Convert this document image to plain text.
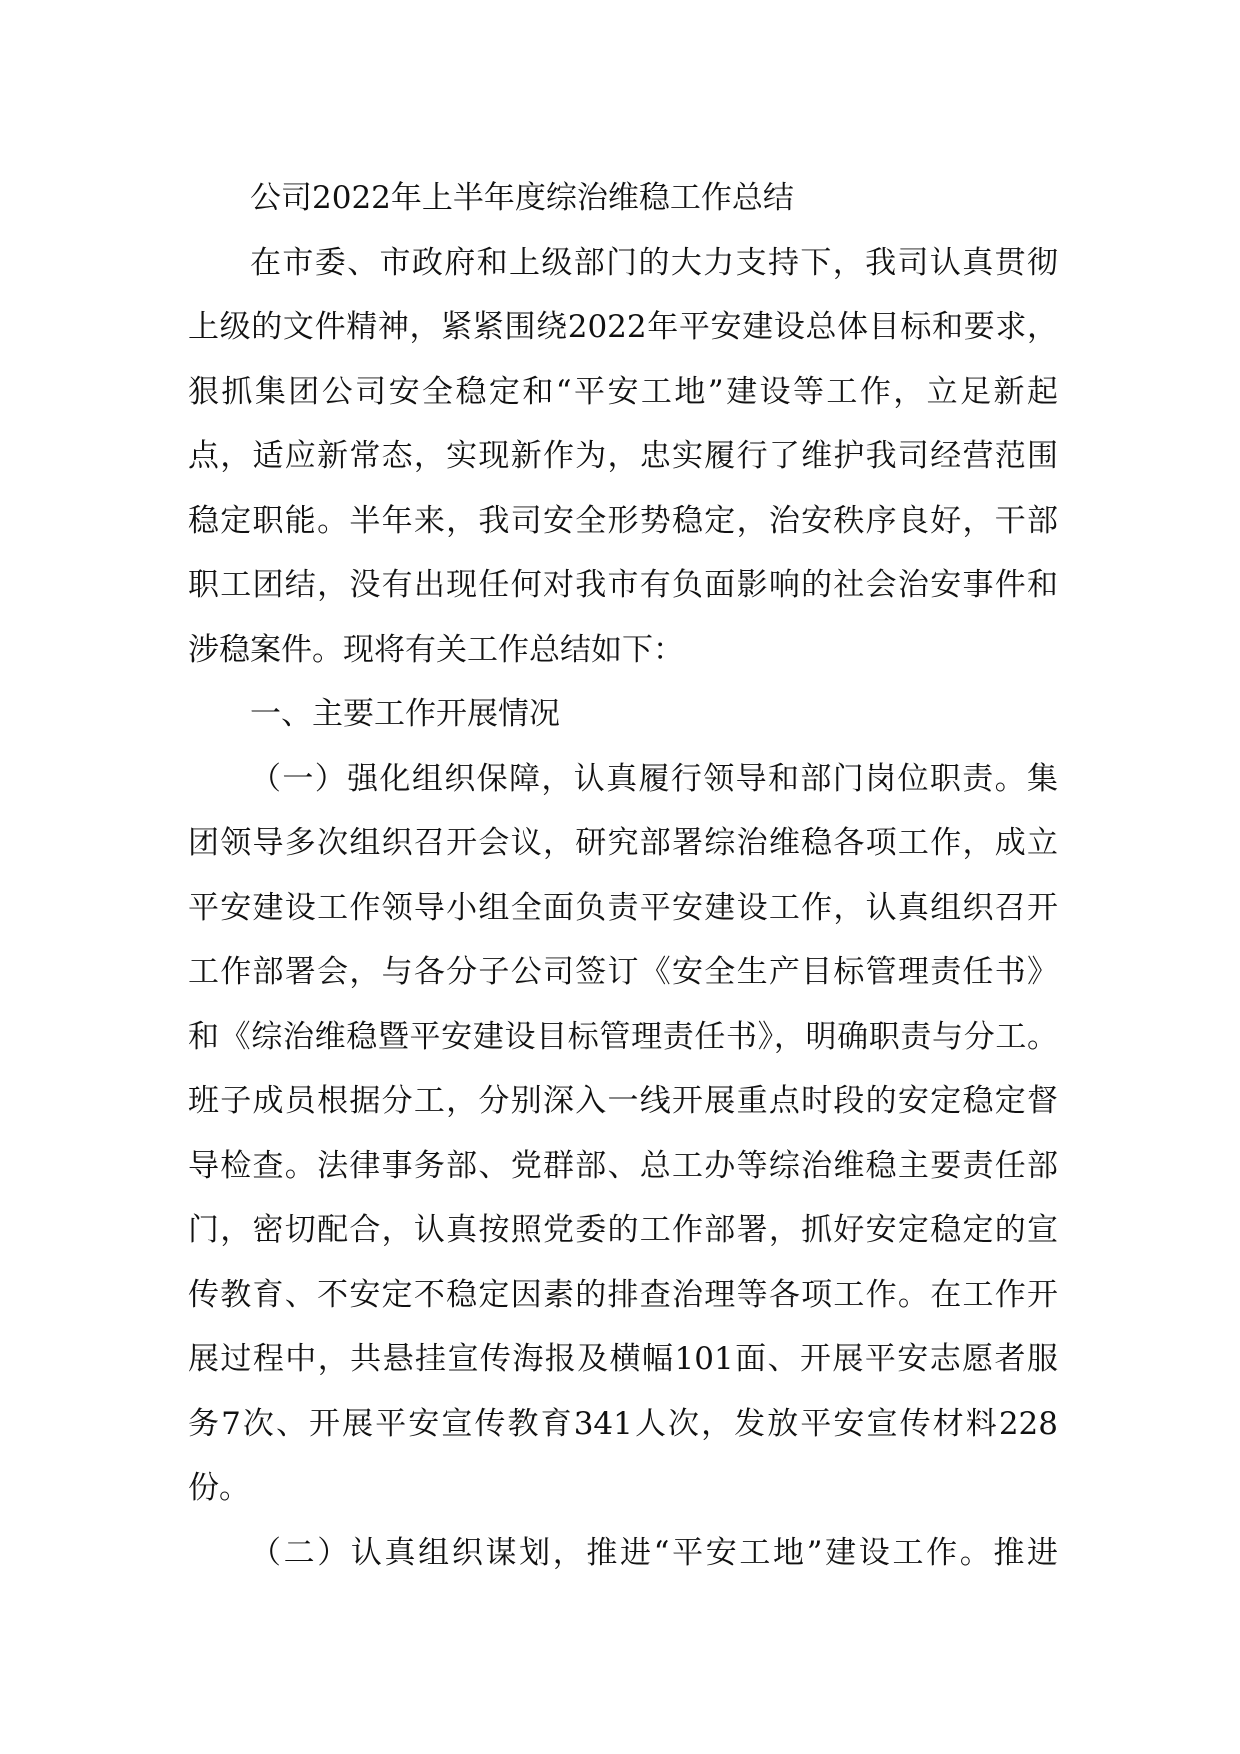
公司2022年上半年度综治维稳工作总结
在市委、市政府和上级部门的大力支持下，我司认真贯彻
上级的文件精神，紧紧围绕2022年平安建设总体目标和要求，
狠抓集团公司安全稳定和“平安工地”建设等工作，立足新起
点，适应新常态，实现新作为，忠实履行了维护我司经营范围
稳定职能。半年来，我司安全形势稳定，治安秩序良好，干部
职工团结，没有出现任何对我市有负面影响的社会治安事件和
涉稳案件。现将有关工作总结如下：
一、主要工作开展情况
（一）强化组织保障，认真履行领导和部门岗位职责。集
团领导多次组织召开会议，研究部署综治维稳各项工作，成立
平安建设工作领导小组全面负责平安建设工作，认真组织召开
工作部署会，与各分子公司签订《安全生产目标管理责任书》
和《综治维稳暨平安建设目标管理责任书》，明确职责与分工。
班子成员根据分工，分别深入一线开展重点时段的安定稳定督
导检查。法律事务部、党群部、总工办等综治维稳主要责任部
门，密切配合，认真按照党委的工作部署，抓好安定稳定的宣
传教育、不安定不稳定因素的排查治理等各项工作。在工作开
展过程中，共悬挂宣传海报及横幅101面、开展平安志愿者服
务7次、开展平安宣传教育341人次，发放平安宣传材料228
份。
（二）认真组织谋划，推进“平安工地”建设工作。推进
